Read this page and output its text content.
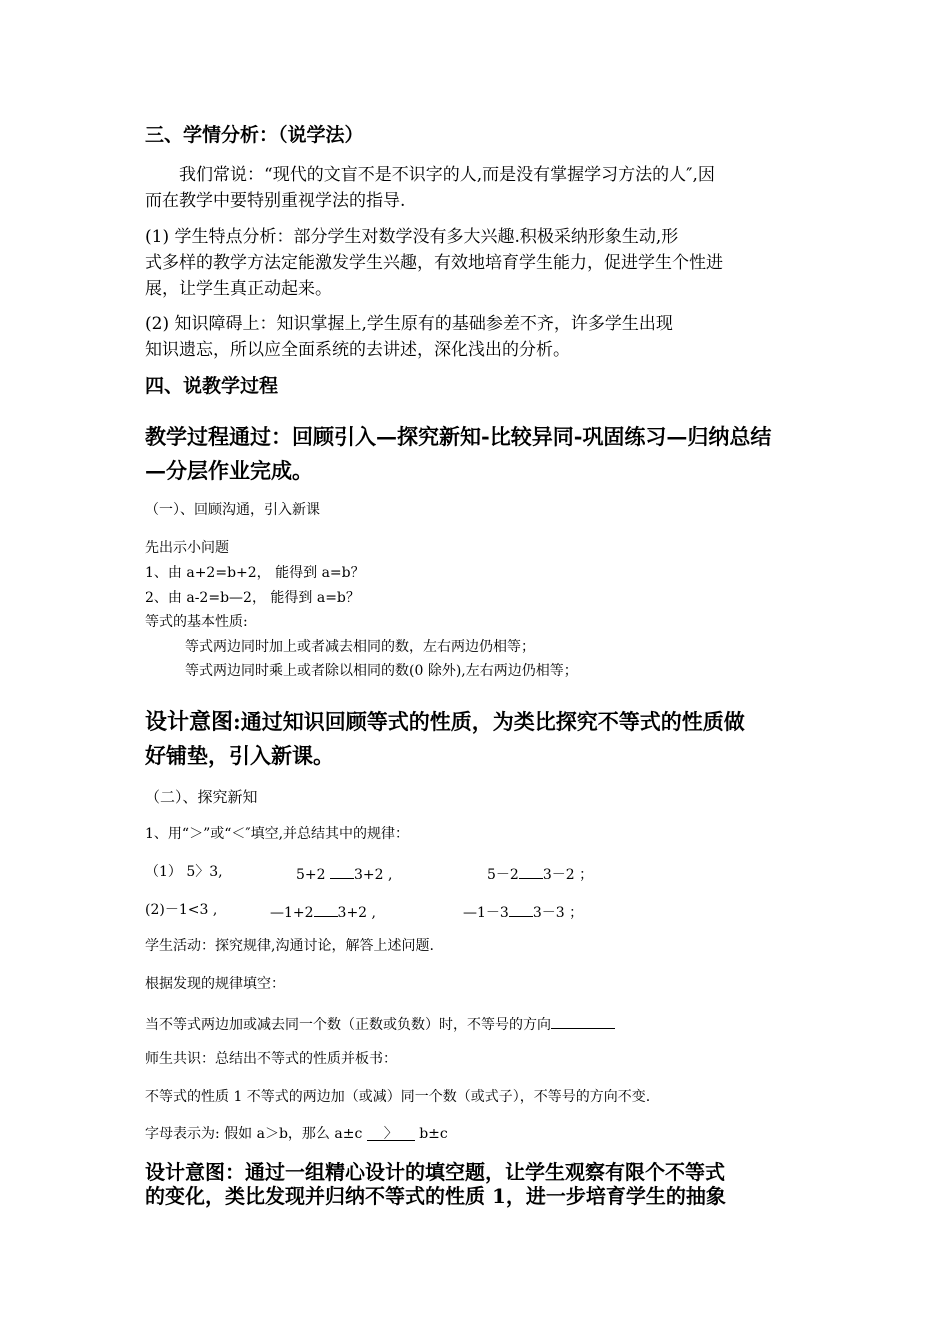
三、学情分析：（说学法）

我们常说：“现代的文盲不是不识字的人,而是没有掌握学习方法的人″,因
而在教学中要特别重视学法的指导.

(1) 学生特点分析：部分学生对数学没有多大兴趣.积极采纳形象生动,形
式多样的教学方法定能激发学生兴趣，有效地培育学生能力，促进学生个性进
展，让学生真正动起来。

(2) 知识障碍上：知识掌握上,学生原有的基础参差不齐，许多学生出现
知识遗忘，所以应全面系统的去讲述，深化浅出的分析。

四、说教学过程

教学过程通过：回顾引入—探究新知-比较异同-巩固练习—归纳总结
—分层作业完成。

（一）、回顾沟通，引入新课

先出示小问题

1、由 a+2=b+2， 能得到 a=b？

2、由 a-2=b—2， 能得到 a=b？

等式的基本性质:

等式两边同时加上或者减去相同的数，左右两边仍相等；

等式两边同时乘上或者除以相同的数(0 除外),左右两边仍相等；

设计意图:通过知识回顾等式的性质，为类比探究不等式的性质做
好铺垫，引入新课。

（二）、探究新知

1、用“＞”或“＜″填空,并总结其中的规律：

（1） 5〉3,	5+2 3+2 ,	5－2 3－2 ；
(2)－1<3 ,	—1+2 3+2 ,	—1－3 3－3 ；

学生活动：探究规律,沟通讨论，解答上述问题.

根据发现的规律填空：

当不等式两边加或减去同一个数（正数或负数）时，不等号的方向

师生共识：总结出不等式的性质并板书：

不等式的性质 1 不等式的两边加（或减）同一个数（或式子），不等号的方向不变.

字母表示为: 假如 a＞b，那么 a±c 〉 b±c

设计意图：通过一组精心设计的填空题，让学生观察有限个不等式
的变化，类比发现并归纳不等式的性质 1，进一步培育学生的抽象
